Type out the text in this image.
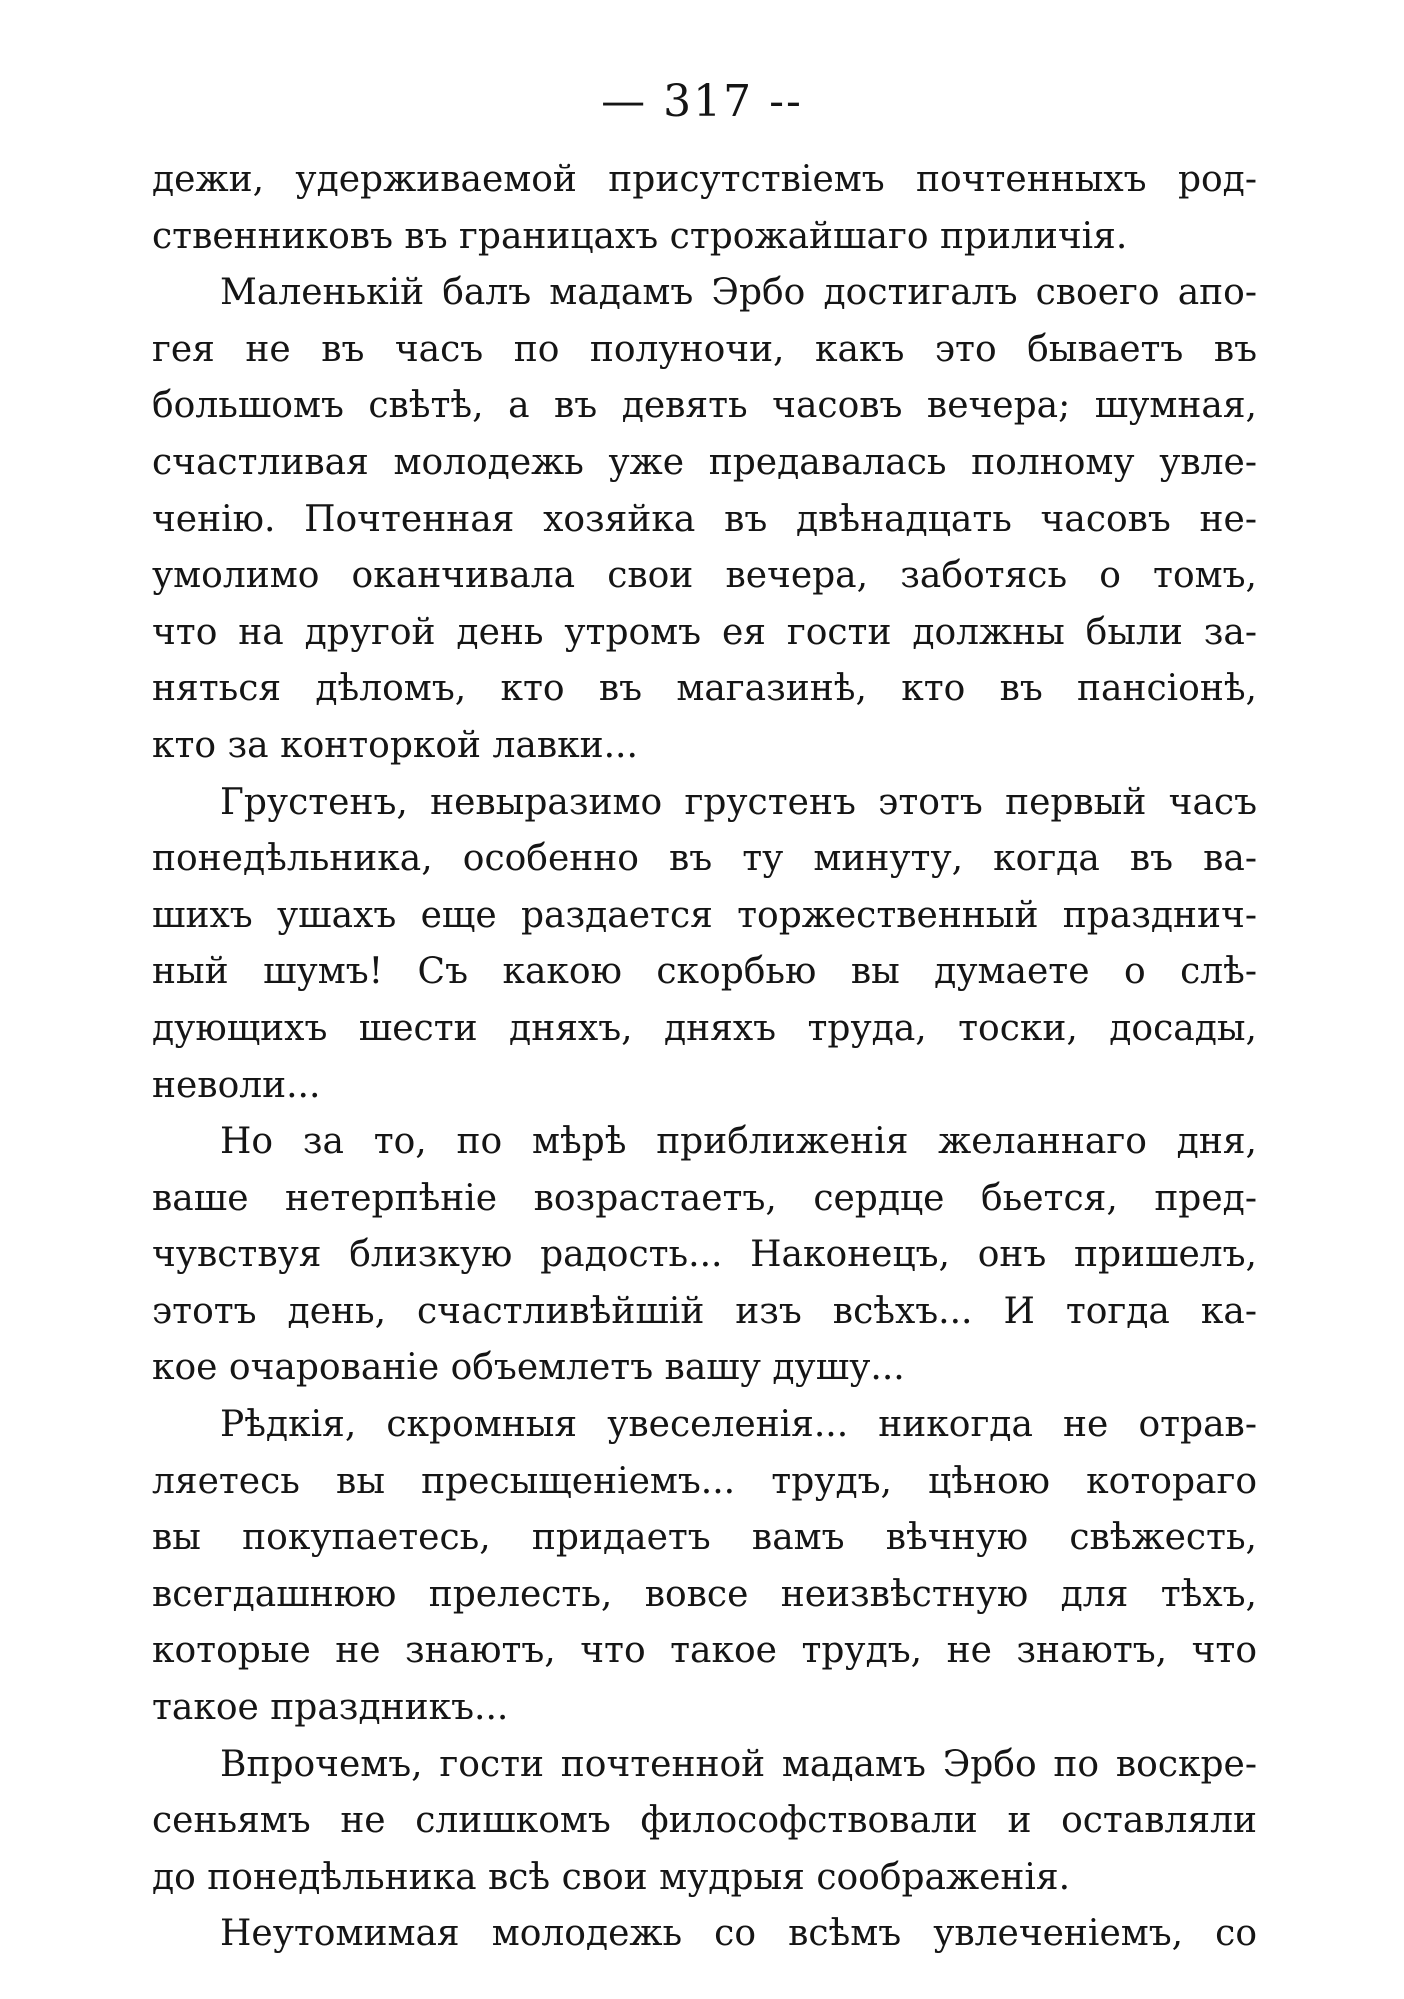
— 317 --
дежи, удерживаемой присутствіемъ почтенныхъ род-
ственниковъ въ границахъ строжайшаго приличія.
Маленькій балъ мадамъ Эрбо достигалъ своего апо-
гея не въ часъ по полуночи, какъ это бываетъ въ
большомъ свѣтѣ, а въ девять часовъ вечера; шумная,
счастливая молодежь уже предавалась полному увле-
ченію. Почтенная хозяйка въ двѣнадцать часовъ не-
умолимо оканчивала свои вечера, заботясь о томъ,
что на другой день утромъ ея гости должны были за-
няться дѣломъ, кто въ магазинѣ, кто въ пансіонѣ,
кто за конторкой лавки...
Грустенъ, невыразимо грустенъ этотъ первый часъ
понедѣльника, особенно въ ту минуту, когда въ ва-
шихъ ушахъ еще раздается торжественный празднич-
ный шумъ! Съ какою скорбью вы думаете о слѣ-
дующихъ шести дняхъ, дняхъ труда, тоски, досады,
неволи...
Но за то, по мѣрѣ приближенія желаннаго дня,
ваше нетерпѣніе возрастаетъ, сердце бьется, пред-
чувствуя близкую радость... Наконецъ, онъ пришелъ,
этотъ день, счастливѣйшій изъ всѣхъ... И тогда ка-
кое очарованіе объемлетъ вашу душу...
Рѣдкія, скромныя увеселенія... никогда не отрав-
ляетесь вы пресыщеніемъ... трудъ, цѣною котораго
вы покупаетесь, придаетъ вамъ вѣчную свѣжесть,
всегдашнюю прелесть, вовсе неизвѣстную для тѣхъ,
которые не знаютъ, что такое трудъ, не знаютъ, что
такое праздникъ...
Впрочемъ, гости почтенной мадамъ Эрбо по воскре-
сеньямъ не слишкомъ философствовали и оставляли
до понедѣльника всѣ свои мудрыя соображенія.
Неутомимая молодежь со всѣмъ увлеченіемъ, со
